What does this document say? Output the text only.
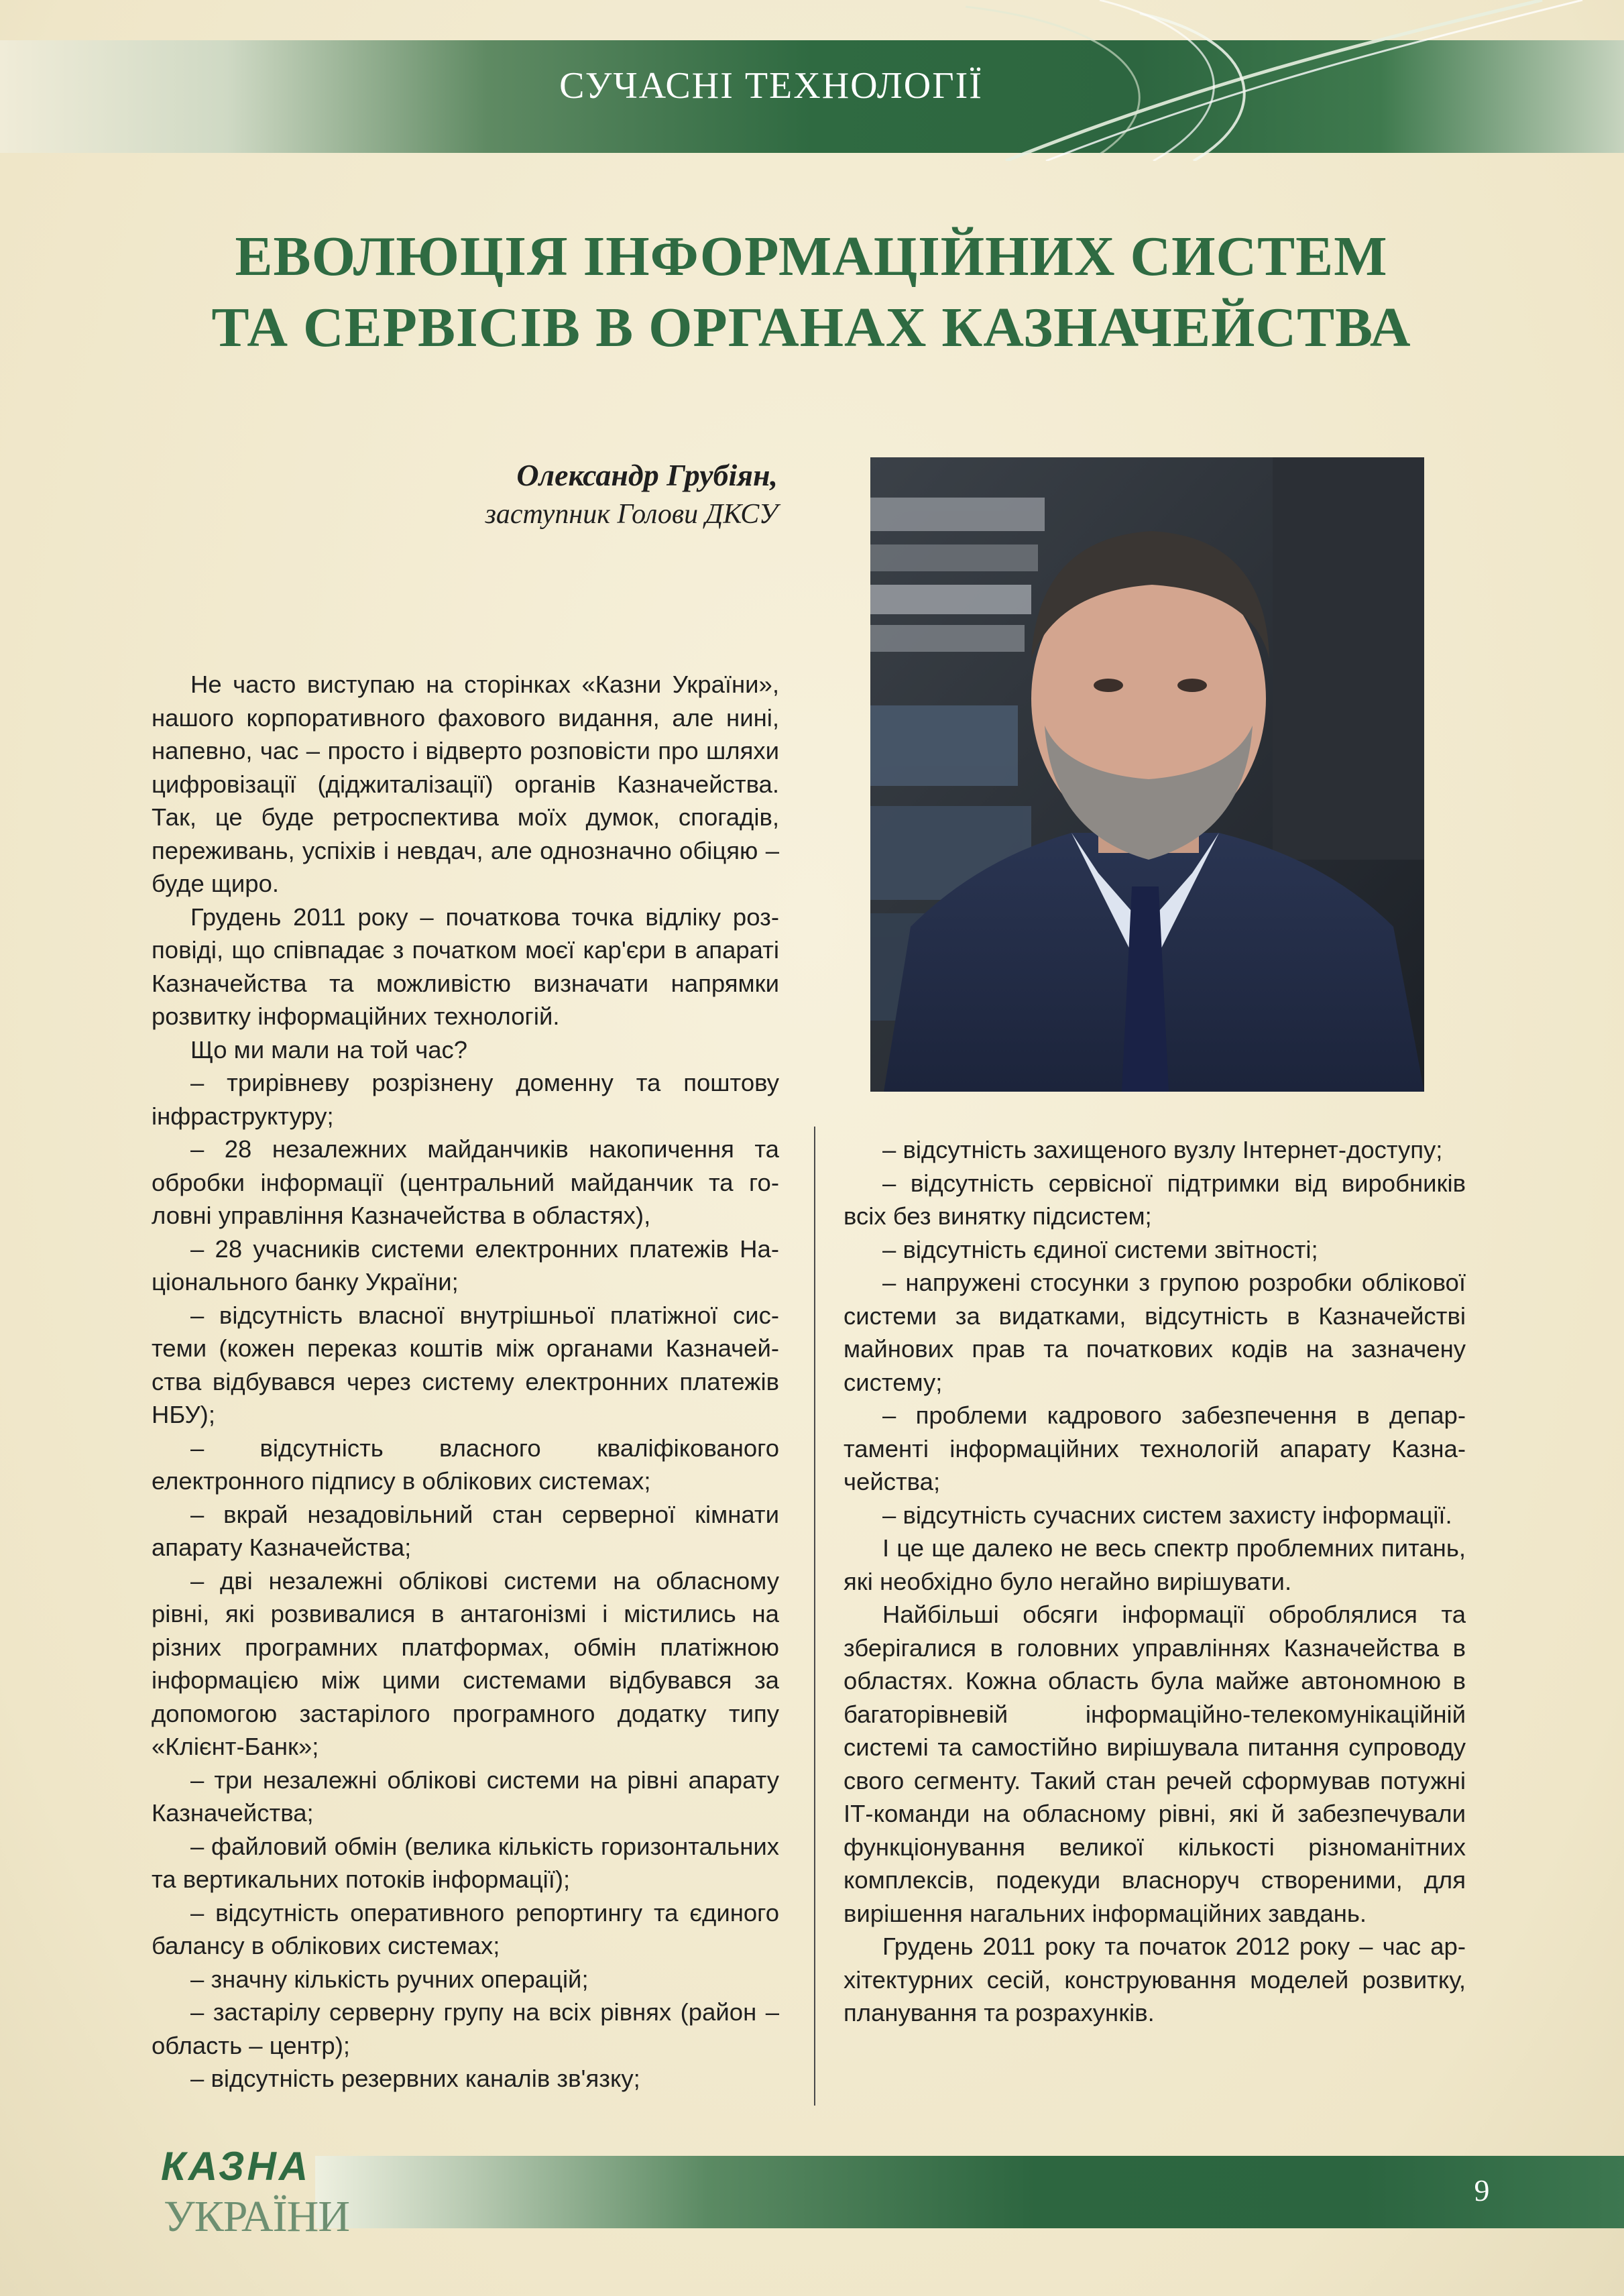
СУЧАСНІ ТЕХНОЛОГІЇ
ЕВОЛЮЦІЯ ІНФОРМАЦІЙНИХ СИСТЕМ
ТА СЕРВІСІВ В ОРГАНАХ КАЗНАЧЕЙСТВА
Олександр Грубіян,
заступник Голови ДКСУ

Не часто виступаю на сторінках «Казни України», нашого корпоративного фахового видання, але нині, напевно, час – просто і відверто розповісти про шляхи цифровізації (діджиталізації) органів Казначейства. Так, це буде ретроспектива моїх думок, спогадів, переживань, успіхів і невдач, але однозначно обіцяю – буде щиро.

Грудень 2011 року – початкова точка відліку розповіді, що співпадає з початком моєї кар'єри в апараті Казначейства та можливістю визначати напрямки розвитку інформаційних технологій.

Що ми мали на той час?

– трирівневу розрізнену доменну та поштову інфраструктуру;

– 28 незалежних майданчиків накопичення та обробки інформації (центральний майданчик та головні управління Казначейства в областях),

– 28 учасників системи електронних платежів Національного банку України;

– відсутність власної внутрішньої платіжної системи (кожен переказ коштів між органами Казначейства відбувався через систему електронних платежів НБУ);

– відсутність власного кваліфікованого електронного підпису в облікових системах;

– вкрай незадовільний стан серверної кімнати апарату Казначейства;

– дві незалежні облікові системи на обласному рівні, які розвивалися в антагонізмі і містились на різних програмних платформах, обмін платіжною інформацією між цими системами відбувався за допомогою застарілого програмного додатку типу «Клієнт-Банк»;

– три незалежні облікові системи на рівні апарату Казначейства;

– файловий обмін (велика кількість горизонтальних та вертикальних потоків інформації);

– відсутність оперативного репортингу та єдиного балансу в облікових системах;

– значну кількість ручних операцій;

– застарілу серверну групу на всіх рівнях (район – область – центр);

– відсутність резервних каналів зв'язку;

– відсутність захищеного вузлу Інтернет-доступу;

– відсутність сервісної підтримки від виробників всіх без винятку підсистем;

– відсутність єдиної системи звітності;

– напружені стосунки з групою розробки облікової системи за видатками, відсутність в Казначействі майнових прав та початкових кодів на зазначену систему;

– проблеми кадрового забезпечення в департаменті інформаційних технологій апарату Казначейства;

– відсутність сучасних систем захисту інформації.

І це ще далеко не весь спектр проблемних питань, які необхідно було негайно вирішувати.

Найбільші обсяги інформації оброблялися та зберігалися в головних управліннях Казначейства в областях. Кожна область була майже автономною в багаторівневій інформаційно-телекомунікаційній системі та самостійно вирішувала питання супроводу свого сегменту. Такий стан речей сформував потужні ІТ-команди на обласному рівні, які й забезпечували функціонування великої кількості різноманітних комплексів, подекуди власноруч створеними, для вирішення нагальних інформаційних завдань.

Грудень 2011 року та початок 2012 року – час архітектурних сесій, конструювання моделей розвитку, планування та розрахунків.

КАЗНА
УКРАЇНИ
9
